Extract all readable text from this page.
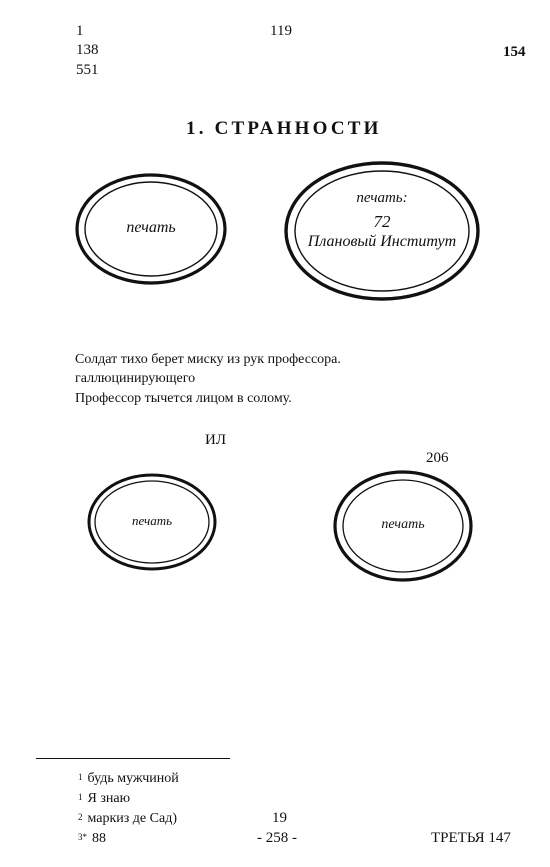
1
138
551
119
154
1. СТРАННОСТИ
печать
печать:
72
Плановый Институт
Солдат тихо берет миску из рук профессора.
галлюцинирующего
Профессор тычется лицом в солому.
ИЛ
206
печать	печать
$^1$ будь мужчиной
$^1$ Я знаю
$^2$ маркиз де Сад)
$^{3*}$ 88
19
- 258 -	ТРЕТЬЯ 147
